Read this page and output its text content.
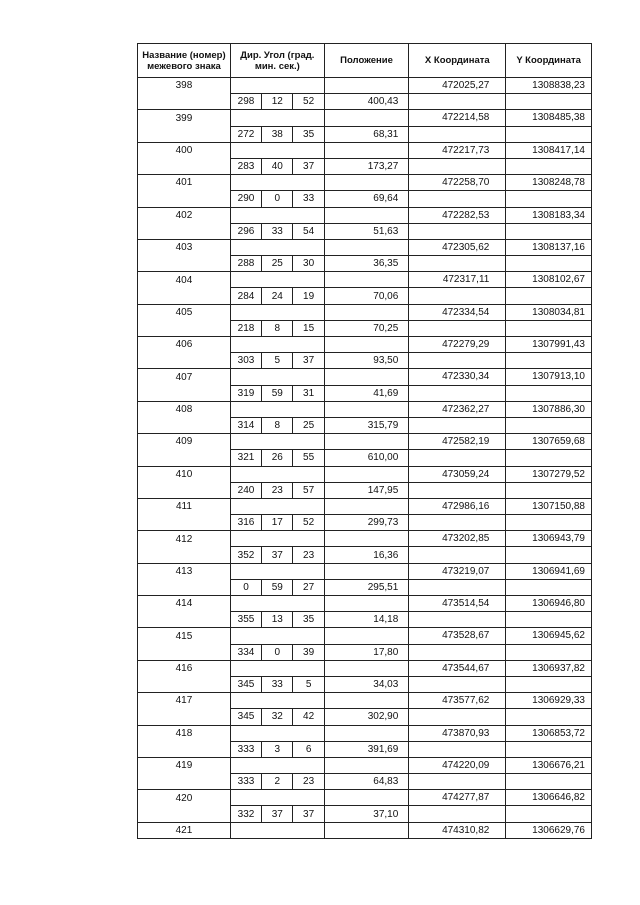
Название (номер) межевого знака	Дир. Угол (град. мин. сек.)			Положение	X Координата	Y Координата
398					472025,27	1308838,23
	298	12	52	400,43		
399					472214,58	1308485,38
	272	38	35	68,31		
400					472217,73	1308417,14
	283	40	37	173,27		
401					472258,70	1308248,78
	290	0	33	69,64		
402					472282,53	1308183,34
	296	33	54	51,63		
403					472305,62	1308137,16
	288	25	30	36,35		
404					472317,11	1308102,67
	284	24	19	70,06		
405					472334,54	1308034,81
	218	8	15	70,25		
406					472279,29	1307991,43
	303	5	37	93,50		
407					472330,34	1307913,10
	319	59	31	41,69		
408					472362,27	1307886,30
	314	8	25	315,79		
409					472582,19	1307659,68
	321	26	55	610,00		
410					473059,24	1307279,52
	240	23	57	147,95		
411					472986,16	1307150,88
	316	17	52	299,73		
412					473202,85	1306943,79
	352	37	23	16,36		
413					473219,07	1306941,69
	0	59	27	295,51		
414					473514,54	1306946,80
	355	13	35	14,18		
415					473528,67	1306945,62
	334	0	39	17,80		
416					473544,67	1306937,82
	345	33	5	34,03		
417					473577,62	1306929,33
	345	32	42	302,90		
418					473870,93	1306853,72
	333	3	6	391,69		
419					474220,09	1306676,21
	333	2	23	64,83		
420					474277,87	1306646,82
	332	37	37	37,10		
421					474310,82	1306629,76
